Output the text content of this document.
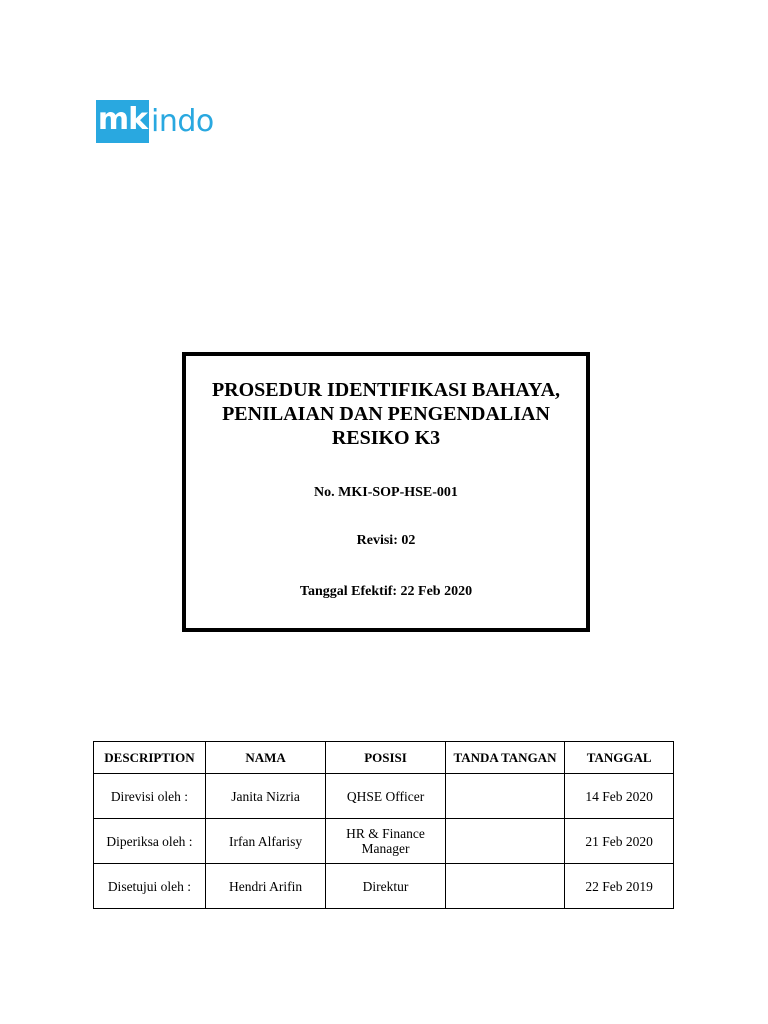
mk indo
PROSEDUR IDENTIFIKASI BAHAYA,
PENILAIAN DAN PENGENDALIAN
RESIKO K3
No. MKI-SOP-HSE-001
Revisi: 02
Tanggal Efektif: 22 Feb 2020
DESCRIPTION	NAMA	POSISI	TANDA TANGAN	TANGGAL
Direvisi oleh :	Janita Nizria	QHSE Officer		14 Feb 2020
Diperiksa oleh :	Irfan Alfarisy	HR & Finance Manager		21 Feb 2020
Disetujui oleh :	Hendri Arifin	Direktur		22 Feb 2019
